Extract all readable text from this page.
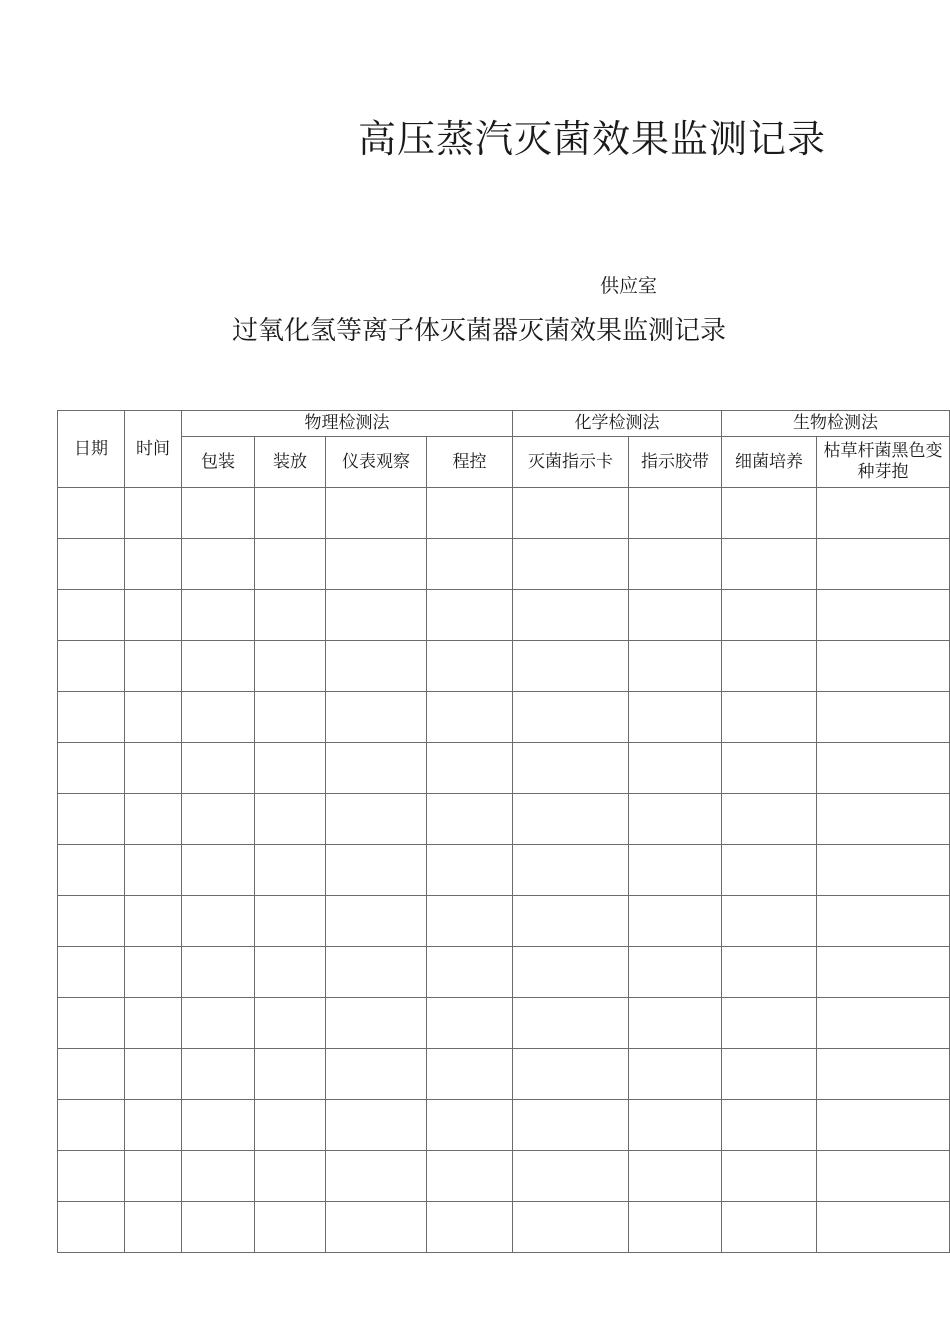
高压蒸汽灭菌效果监测记录
供应室
过氧化氢等离子体灭菌器灭菌效果监测记录
日期	时间	物理检测法				化学检测法		生物检测法	
		包装	装放	仪表观察	程控	灭菌指示卡	指示胶带	细菌培养	枯草杆菌黑色变种芽抱
